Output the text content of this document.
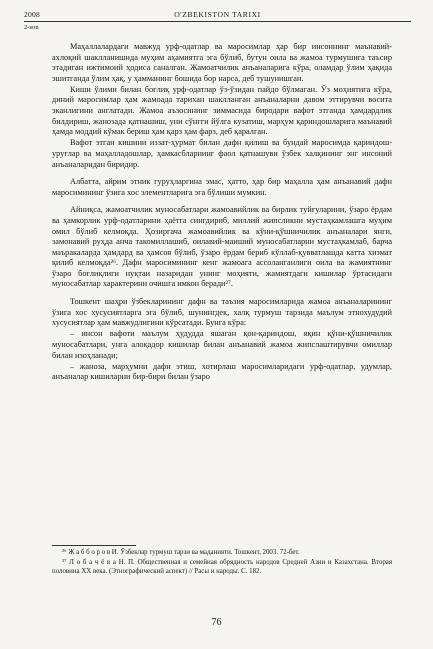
2008	O'ZBEKISTON TARIXI
2-son

Маҳаллалардаги мавжуд урф-одатлар ва маросимлар ҳар бир инсоннинг маънавий-ахлоқий шаклланишида муҳим аҳамиятга эга бўлиб, бутун оила ва жамоа турмушига таъсир этадиган ижтимоий ҳодиса саналган. Жамоатчилик анъаналарига кўра, оламдар ўлим ҳақида эшитганда ўлим ҳақ, у ҳамманинг бошида бор нарса, деб тушунишган.

Киши ўлими билан боғлиқ урф-одатлар ўз-ўзидан пайдо бўлмаган. Ўз моҳиятига кўра, диний маросимлар ҳам жамоада тарихан шаклланган анъаналарни давом эттирувчи восита эканлигини англатади. Жамоа аъзосининг зиммасида биродари вафот этганда ҳамдардлик билдириш, жанозада қатнашиш, уни сўнгги йўлга кузатиш, марҳум қариндошларига маънавий ҳамда моддий кўмак бериш ҳам қарз ҳам фарз, деб қаралган.

Вафот этган кишини иззат-ҳурмат билан дафн қилиш ва бундай маросимда қариндош-уруғлар ва маҳалладошлар, ҳамкасбларнинг фаол қатнашуви ўзбек халқининг энг инсоний анъаналаридан биридир.

Албатта, айрим этник гуруҳларгина эмас, ҳатто, ҳар бир маҳалла ҳам анъанавий дафн маросимининг ўзига хос элементларига эга бўлиши мумкин.

Айниқса, жамоатчилик муносабатлари жамоавийлик ва бирлик туйғуларини, ўзаро ёрдам ва ҳамкорлик урф-одатларини ҳаётга сингдириб, миллий жипсликни мустаҳкамлашга муҳим омил бўлиб келмоқда. Ҳозиргача жамоавийлик ва кўни-қўшничилик анъаналари янги, замонавий руҳда анча такомиллашиб, оилавий-маиший муносабатларни мустаҳкамлаб, барча маъракаларда ҳамдард ва ҳамсоя бўлиб, ўзаро ёрдам бериб кўллаб-қувватлашда катта хизмат қилиб келмоқда²⁶. Дафн маросимининг кенг жамоага ассоланганлиги оила ва жамиятнинг ўзаро боғлиқлиги нуқтаи назаридан унинг моҳияти, жамиятдаги кишилар ўртасидаги муносабатлар характерини очишга имкон беради²⁷.

Тошкент шаҳри ўзбекларининг дафн ва таъзия маросимларида жамоа анъаналарининг ўзига хос хусусиятларга эга бўлиб, шунингдек, халқ турмуш тарзида маълум этнохудудий хусусиятлар ҳам мавжудлигини кўрсатади. Бунга кўра:

– инсон вафоти маълум ҳудудда яшаган қон-қариндош, яқин қўни-қўшничилик муносабатлари, унга алоқадор кишилар билан анъанавий жамоа жипслаштирувчи омиллар билан изоҳланади;

– жаноза, марҳумни дафн этиш, хотирлаш маросимларидаги урф-одатлар, удумлар, анъаналар кишиларни бир-бири билан ўзаро

²⁶ Ж а б б о р о в И. Ўзбеклар турмуш тарзи ва маданияти. Тошкент, 2003. 72-бет.

²⁷ Л о б а ч ё в а Н. П. Общественная и семейная обрядность народов Средней Азии и Казахстана. Вторая половина ХХ века. (Этнографический аспект) // Расы и народы. С. 182.

76
